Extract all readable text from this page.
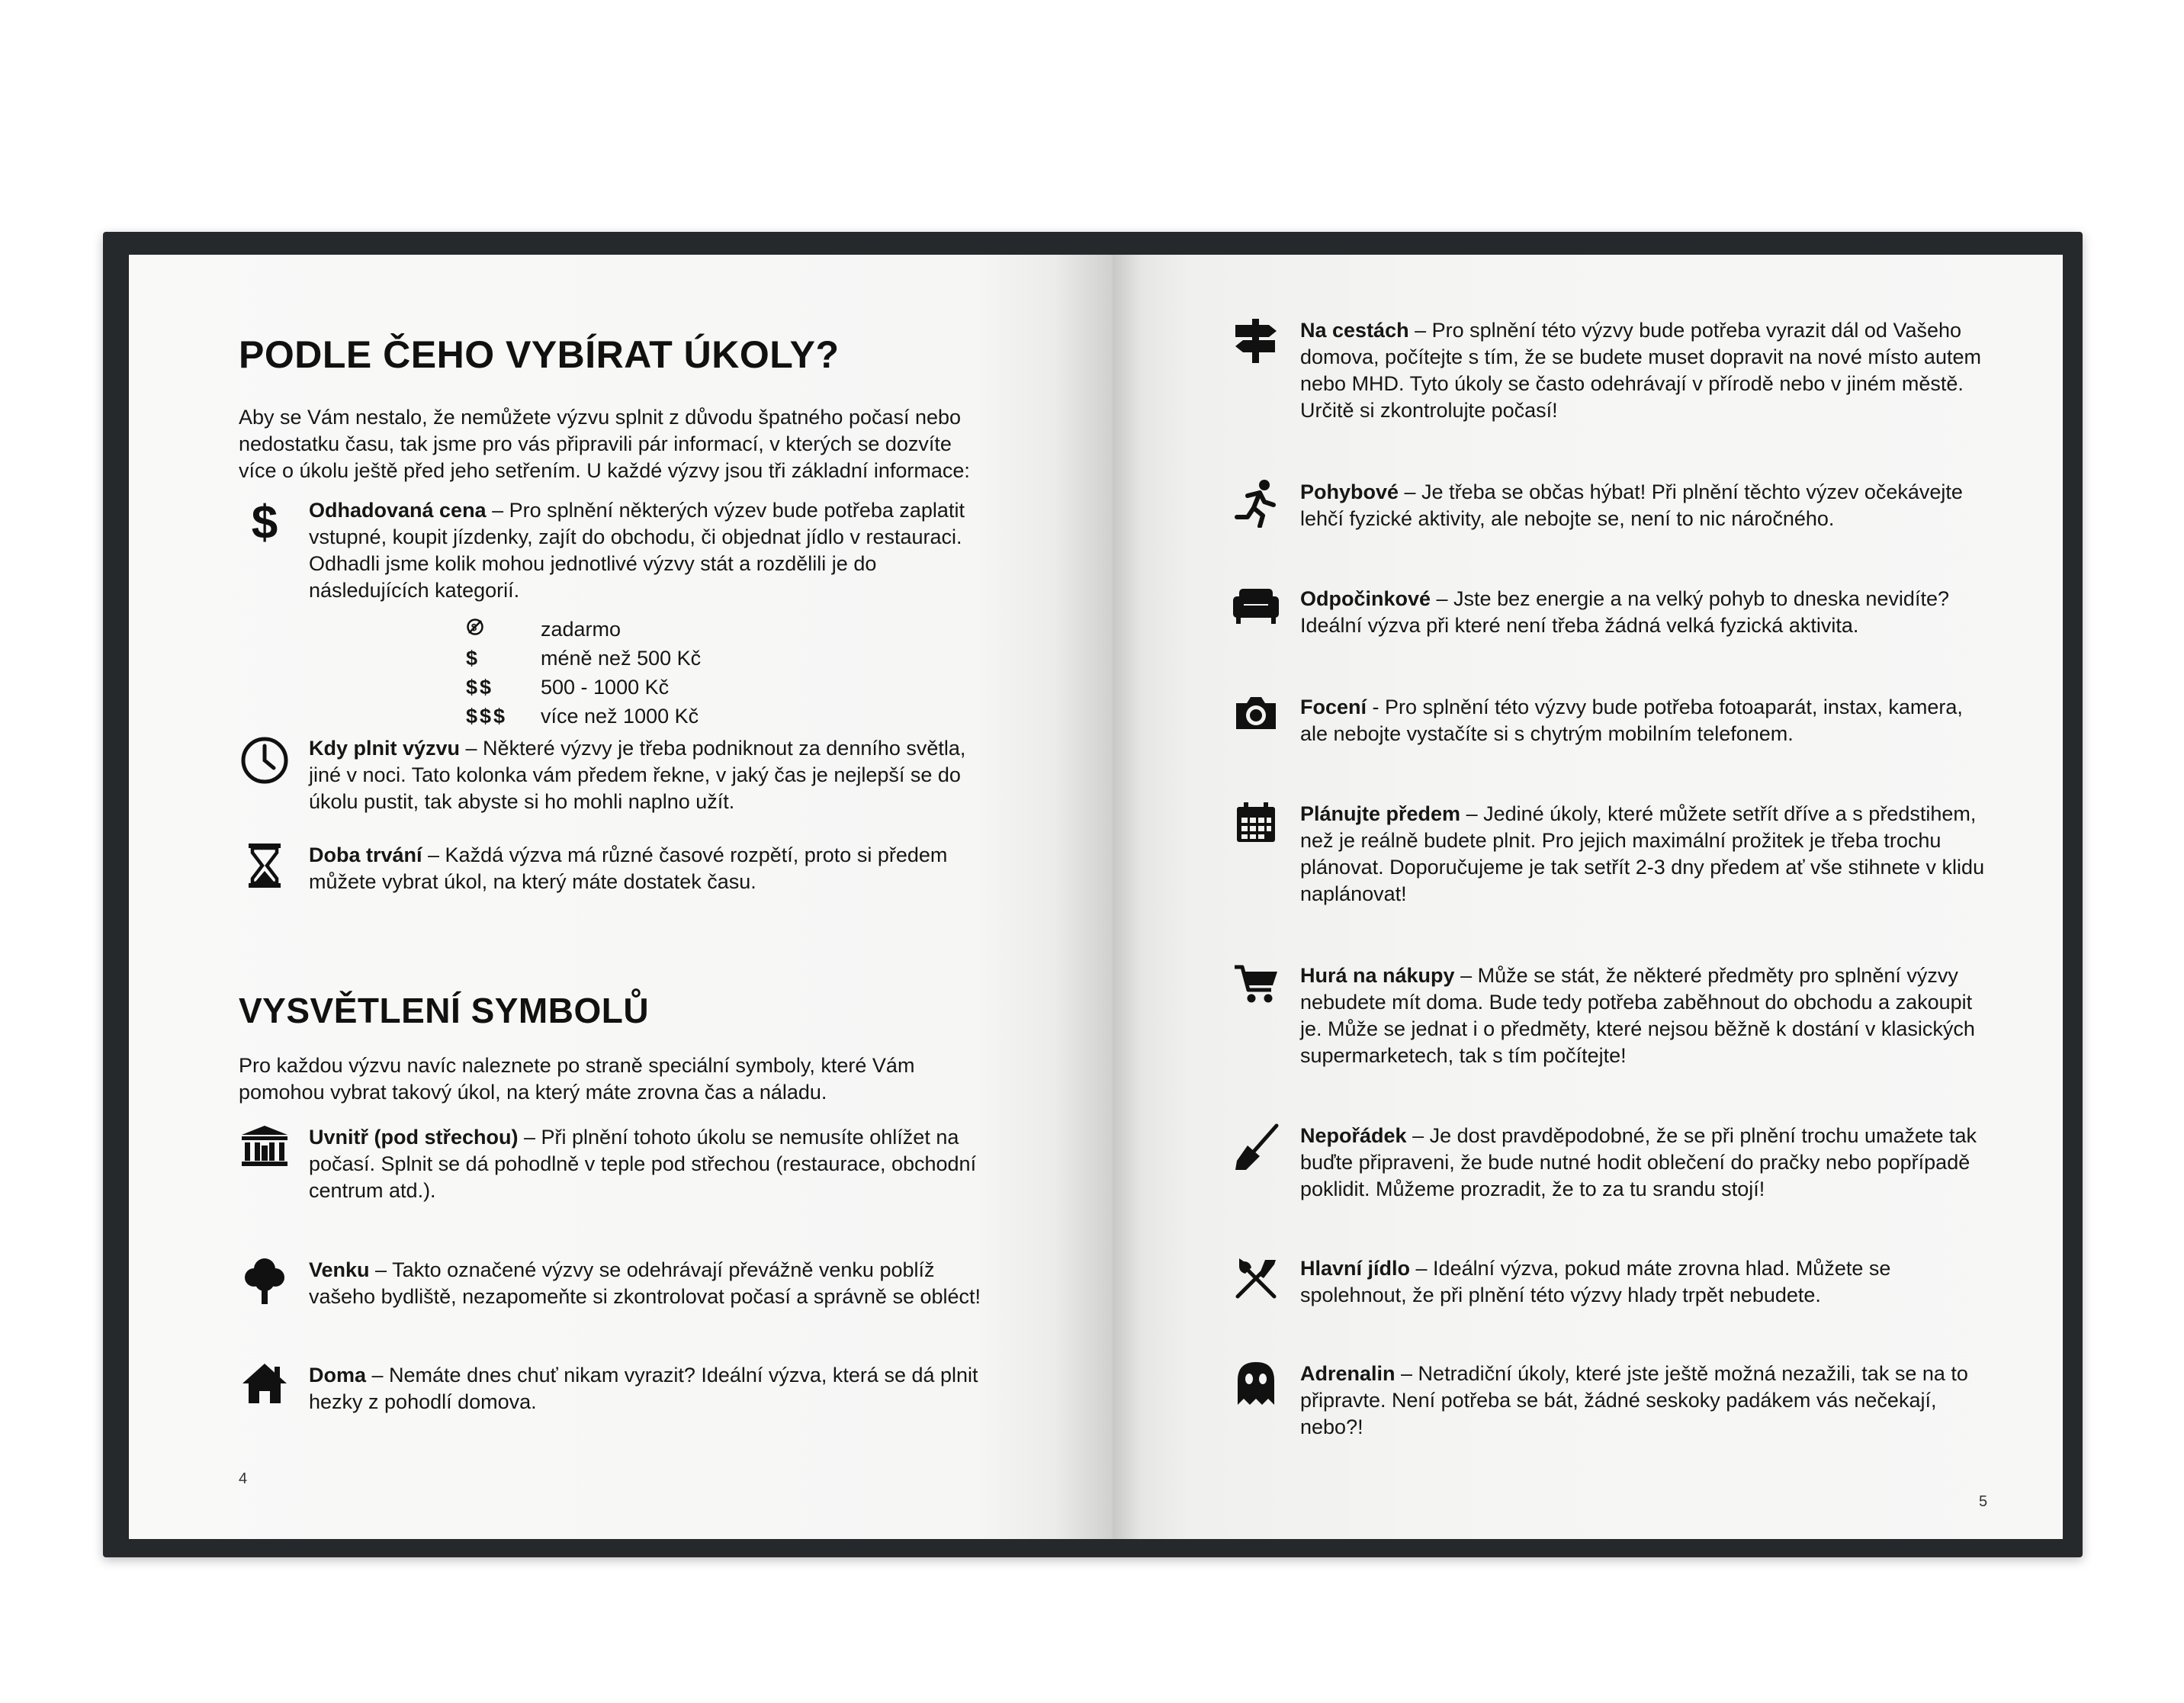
PODLE ČEHO VYBÍRAT ÚKOLY?

Aby se Vám nestalo, že nemůžete výzvu splnit z důvodu špatného počasí nebo nedostatku času, tak jsme pro vás připravili pár informací, v kterých se dozvíte více o úkolu ještě před jeho setřením. U každé výzvy jsou tři základní informace:

$ Odhadovaná cena – Pro splnění některých výzev bude potřeba zaplatit vstupné, koupit jízdenky, zajít do obchodu, či objednat jídlo v restauraci. Odhadli jsme kolik mohou jednotlivé výzvy stát a rozdělili je do následujících kategorií.
$	zadarmo
$	méně než 500 Kč
$$	500 - 1000 Kč
$$$	více než 1000 Kč
Kdy plnit výzvu – Některé výzvy je třeba podniknout za denního světla, jiné v noci. Tato kolonka vám předem řekne, v jaký čas je nejlepší se do úkolu pustit, tak abyste si ho mohli naplno užít.
Doba trvání – Každá výzva má různé časové rozpětí, proto si předem můžete vybrat úkol, na který máte dostatek času.
VYSVĚTLENÍ SYMBOLŮ

Pro každou výzvu navíc naleznete po straně speciální symboly, které Vám pomohou vybrat takový úkol, na který máte zrovna čas a náladu.

Uvnitř (pod střechou) – Při plnění tohoto úkolu se nemusíte ohlížet na počasí. Splnit se dá pohodlně v teple pod střechou (restaurace, obchodní centrum atd.).
Venku – Takto označené výzvy se odehrávají převážně venku poblíž vašeho bydliště, nezapomeňte si zkontrolovat počasí a správně se obléct!
Doma – Nemáte dnes chuť nikam vyrazit? Ideální výzva, která se dá plnit hezky z pohodlí domova.
4
Na cestách – Pro splnění této výzvy bude potřeba vyrazit dál od Vašeho domova, počítejte s tím, že se budete muset dopravit na nové místo autem nebo MHD. Tyto úkoly se často odehrávají v přírodě nebo v jiném městě. Určitě si zkontrolujte počasí!
Pohybové – Je třeba se občas hýbat! Při plnění těchto výzev očekávejte lehčí fyzické aktivity, ale nebojte se, není to nic náročného.
Odpočinkové – Jste bez energie a na velký pohyb to dneska nevidíte? Ideální výzva při které není třeba žádná velká fyzická aktivita.
Focení - Pro splnění této výzvy bude potřeba fotoaparát, instax, kamera, ale nebojte vystačíte si s chytrým mobilním telefonem.
Plánujte předem – Jediné úkoly, které můžete setřít dříve a s předstihem, než je reálně budete plnit. Pro jejich maximální prožitek je třeba trochu plánovat. Doporučujeme je tak setřít 2-3 dny předem ať vše stihnete v klidu naplánovat!
Hurá na nákupy – Může se stát, že některé předměty pro splnění výzvy nebudete mít doma. Bude tedy potřeba zaběhnout do obchodu a zakoupit je. Může se jednat i o předměty, které nejsou běžně k dostání v klasických supermarketech, tak s tím počítejte!
Nepořádek – Je dost pravděpodobné, že se při plnění trochu umažete tak buďte připraveni, že bude nutné hodit oblečení do pračky nebo popřípadě poklidit. Můžeme prozradit, že to za tu srandu stojí!
Hlavní jídlo – Ideální výzva, pokud máte zrovna hlad. Můžete se spolehnout, že při plnění této výzvy hlady trpět nebudete.
Adrenalin – Netradiční úkoly, které jste ještě možná nezažili, tak se na to připravte. Není potřeba se bát, žádné seskoky padákem vás nečekají, nebo?!
5
